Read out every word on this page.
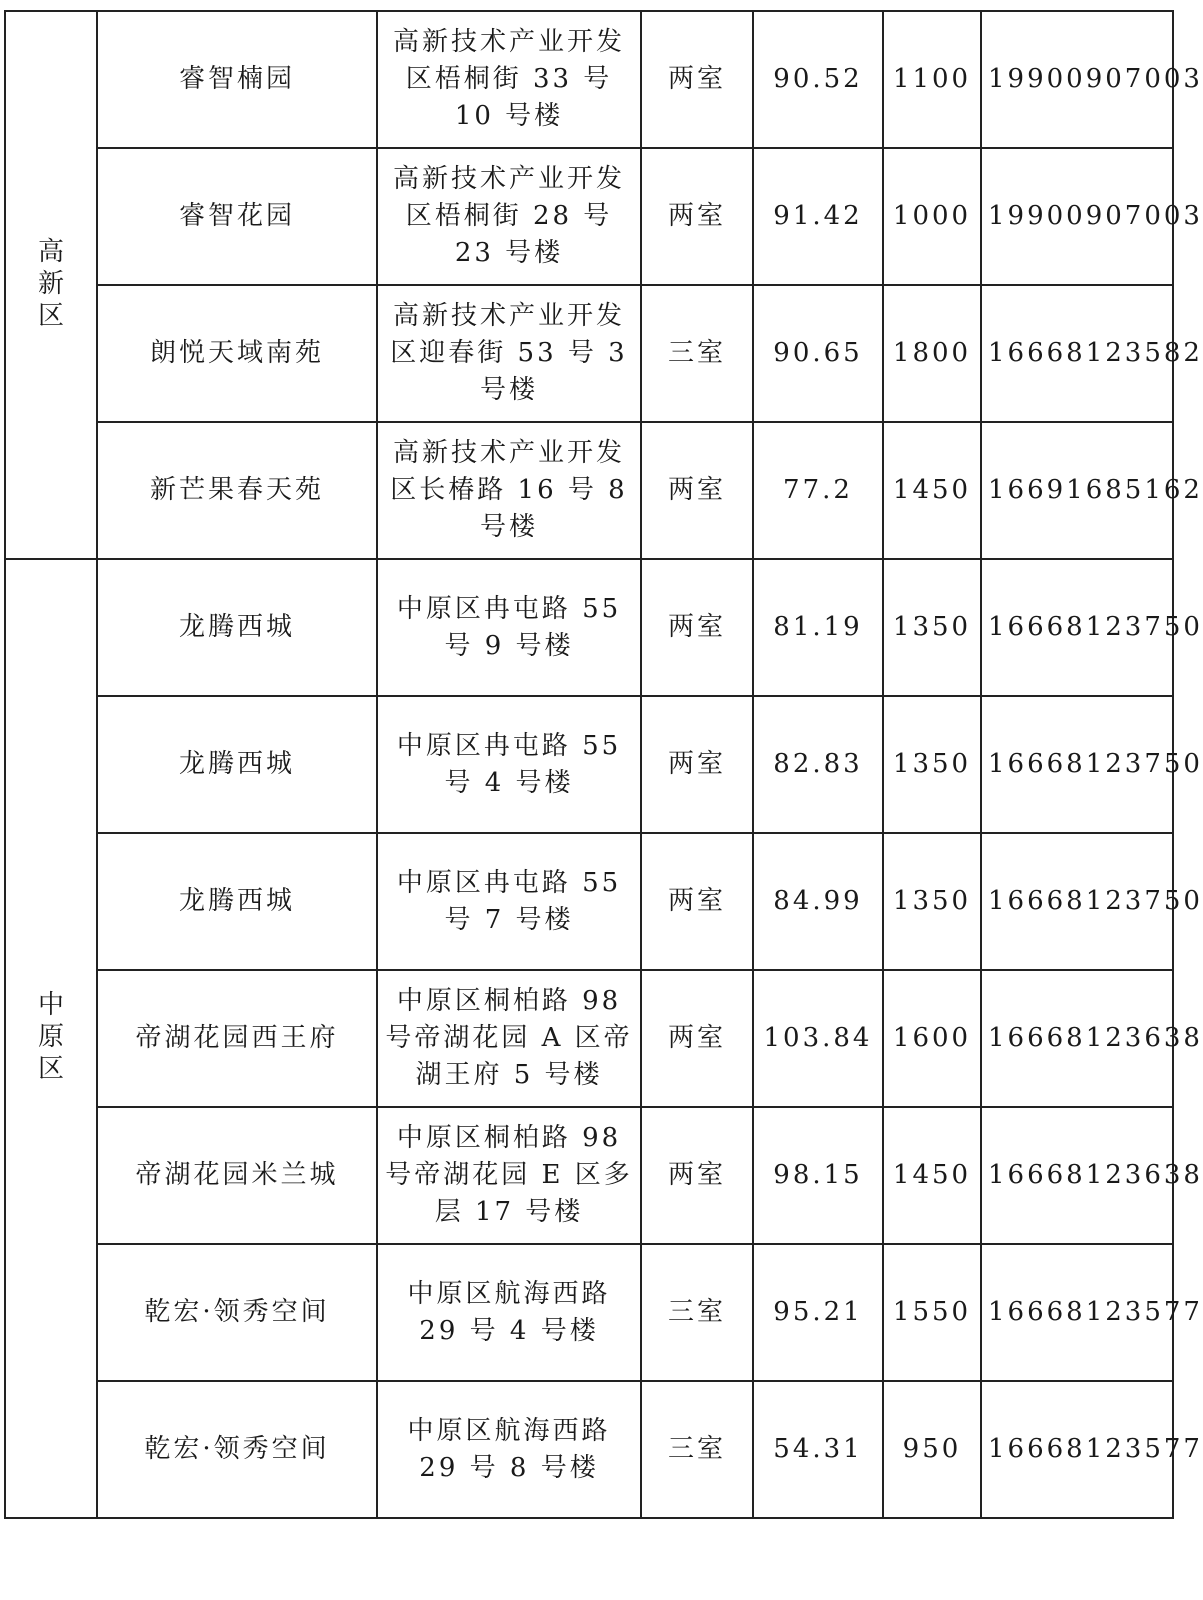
高新区	睿智楠园	高新技术产业开发区梧桐街 33 号 10 号楼	两室	90.52	1100	19900907003
	睿智花园	高新技术产业开发区梧桐街 28 号 23 号楼	两室	91.42	1000	19900907003
	朗悦天域南苑	高新技术产业开发区迎春街 53 号 3 号楼	三室	90.65	1800	16668123582
	新芒果春天苑	高新技术产业开发区长椿路 16 号 8 号楼	两室	77.2	1450	16691685162
中原区	龙腾西城	中原区冉屯路 55 号 9 号楼	两室	81.19	1350	16668123750
	龙腾西城	中原区冉屯路 55 号 4 号楼	两室	82.83	1350	16668123750
	龙腾西城	中原区冉屯路 55 号 7 号楼	两室	84.99	1350	16668123750
	帝湖花园西王府	中原区桐柏路 98 号帝湖花园 A 区帝湖王府 5 号楼	两室	103.84	1600	16668123638
	帝湖花园米兰城	中原区桐柏路 98 号帝湖花园 E 区多层 17 号楼	两室	98.15	1450	16668123638
	乾宏·领秀空间	中原区航海西路 29 号 4 号楼	三室	95.21	1550	16668123577
	乾宏·领秀空间	中原区航海西路 29 号 8 号楼	三室	54.31	950	16668123577
